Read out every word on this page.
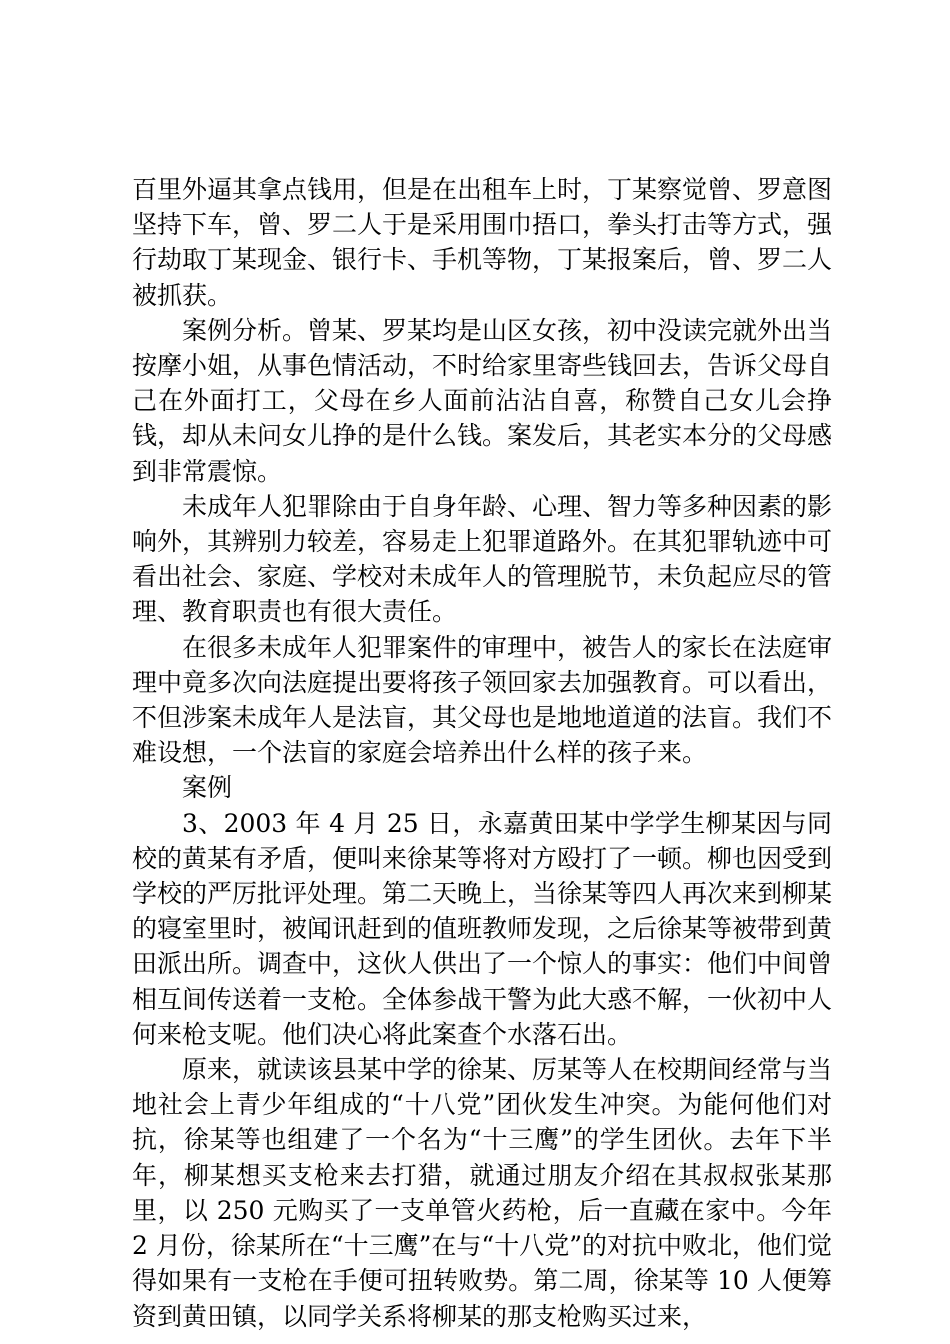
百里外逼其拿点钱用，但是在出租车上时，丁某察觉曾、罗意图坚持下车，曾、罗二人于是采用围巾捂口，拳头打击等方式，强行劫取丁某现金、银行卡、手机等物，丁某报案后，曾、罗二人被抓获。

案例分析。曾某、罗某均是山区女孩，初中没读完就外出当按摩小姐，从事色情活动，不时给家里寄些钱回去，告诉父母自己在外面打工，父母在乡人面前沾沾自喜，称赞自己女儿会挣钱，却从未问女儿挣的是什么钱。案发后，其老实本分的父母感到非常震惊。

未成年人犯罪除由于自身年龄、心理、智力等多种因素的影响外，其辨别力较差，容易走上犯罪道路外。在其犯罪轨迹中可看出社会、家庭、学校对未成年人的管理脱节，未负起应尽的管理、教育职责也有很大责任。

在很多未成年人犯罪案件的审理中，被告人的家长在法庭审理中竟多次向法庭提出要将孩子领回家去加强教育。可以看出，不但涉案未成年人是法盲，其父母也是地地道道的法盲。我们不难设想，一个法盲的家庭会培养出什么样的孩子来。

案例

3、2003 年 4 月 25 日，永嘉黄田某中学学生柳某因与同校的黄某有矛盾，便叫来徐某等将对方殴打了一顿。柳也因受到学校的严厉批评处理。第二天晚上，当徐某等四人再次来到柳某的寝室里时，被闻讯赶到的值班教师发现，之后徐某等被带到黄田派出所。调查中，这伙人供出了一个惊人的事实：他们中间曾相互间传送着一支枪。全体参战干警为此大惑不解，一伙初中人何来枪支呢。他们决心将此案查个水落石出。

原来，就读该县某中学的徐某、厉某等人在校期间经常与当地社会上青少年组成的“十八党”团伙发生冲突。为能何他们对抗，徐某等也组建了一个名为“十三鹰”的学生团伙。去年下半年，柳某想买支枪来去打猎，就通过朋友介绍在其叔叔张某那里，以 250 元购买了一支单管火药枪，后一直藏在家中。今年 2 月份，徐某所在“十三鹰”在与“十八党”的对抗中败北，他们觉得如果有一支枪在手便可扭转败势。第二周，徐某等 10 人便筹资到黄田镇，以同学关系将柳某的那支枪购买过来，
